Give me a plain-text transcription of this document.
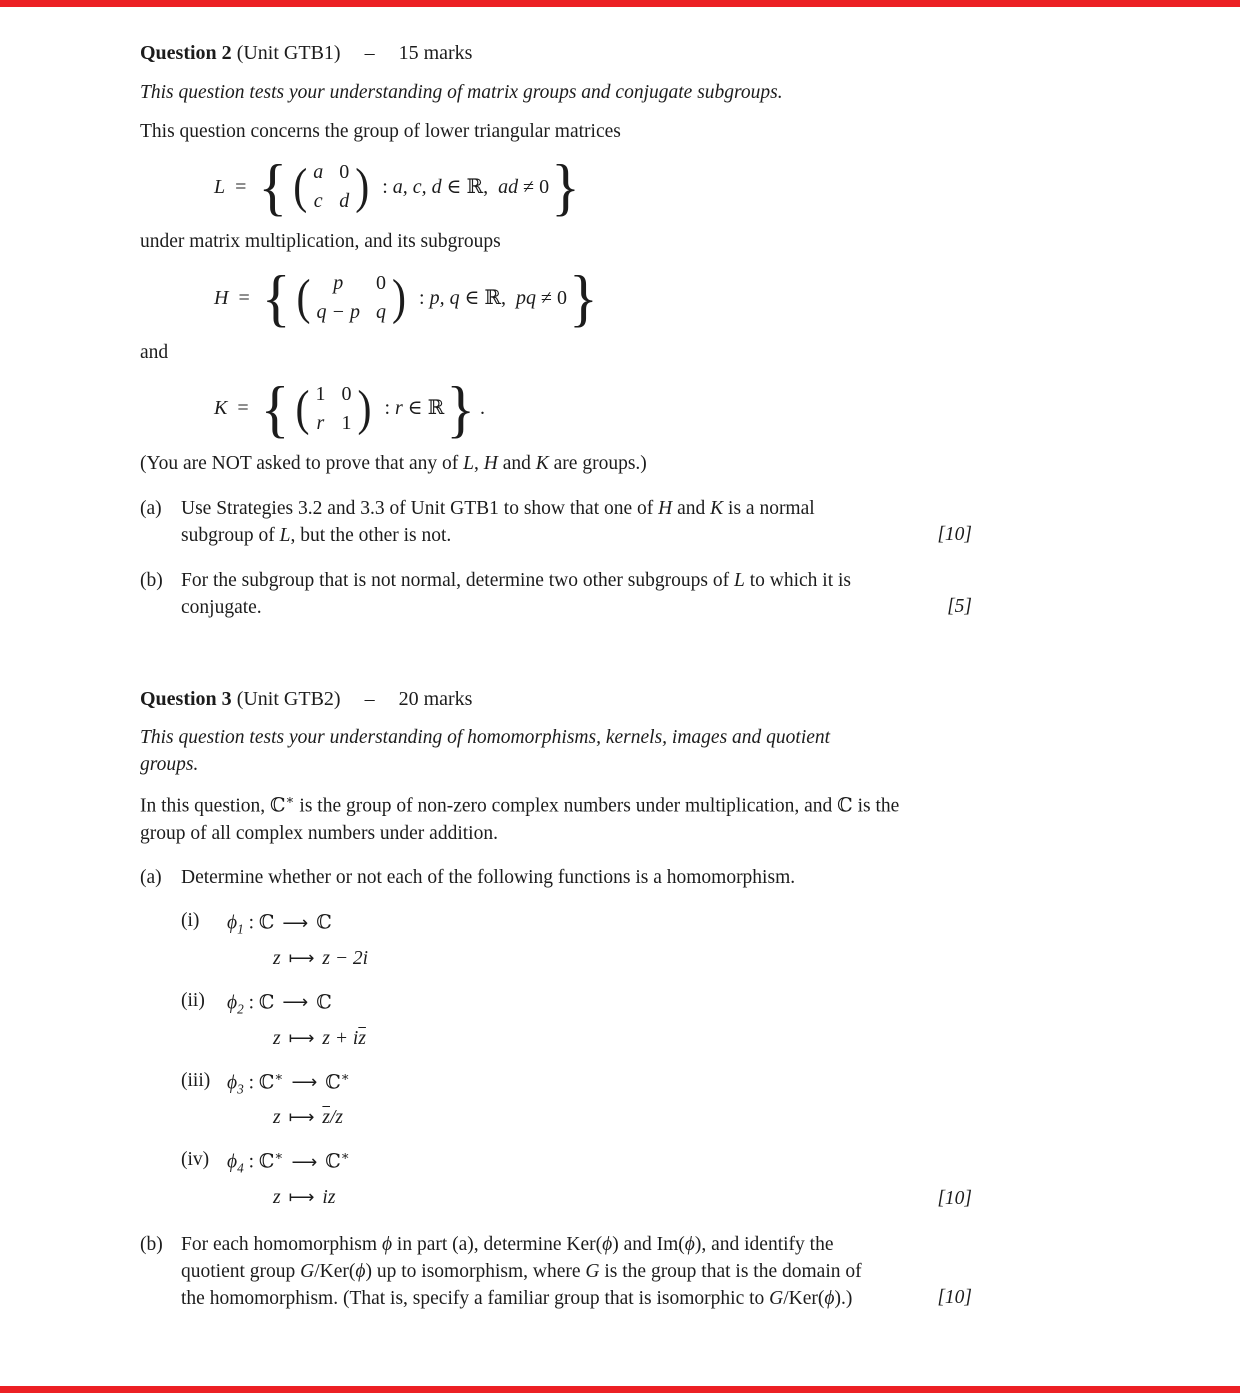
Question 2 (Unit GTB1) – 15 marks

This question tests your understanding of matrix groups and conjugate subgroups.

This question concerns the group of lower triangular matrices

L = { ( a 0
c d ) : a, c, d ∈ ℝ,  ad ≠ 0 }

under matrix multiplication, and its subgroups

H = { (	p	0
q − p q ) : p, q ∈ ℝ,  pq ≠ 0 }

and

K = { ( 1 0
r 1 ) : r ∈ ℝ } .

(You are NOT asked to prove that any of L, H and K are groups.)

(a) Use Strategies 3.2 and 3.3 of Unit GTB1 to show that one of H and K is a normal subgroup of L, but the other is not.	[10]
(b) For the subgroup that is not normal, determine two other subgroups of L to which it is conjugate.	[5]
Question 3 (Unit GTB2) – 20 marks

This question tests your understanding of homomorphisms, kernels, images and quotient groups.

In this question, ℂ∗ is the group of non-zero complex numbers under multiplication, and ℂ is the group of all complex numbers under addition.

(a) Determine whether or not each of the following functions is a homomorphism.
(i)	$\phi_1$ : ℂ ⟶ ℂ
z ⟼ z − 2i
(ii)	$\phi_2$ : ℂ ⟶ ℂ
z ⟼ $z + i\overline{z}$
(iii) $\phi_3$ : ℂ∗ ⟶ ℂ∗
z ⟼ $\overline{z}/z$
(iv) $\phi_4$ : ℂ∗ ⟶ ℂ∗
z ⟼ iz	[10]
(b) For each homomorphism ϕ in part (a), determine Ker(ϕ) and Im(ϕ), and identify the quotient group G/Ker(ϕ) up to isomorphism, where G is the group that is the domain of the homomorphism. (That is, specify a familiar group that is isomorphic to G/Ker(ϕ).)	[10]
